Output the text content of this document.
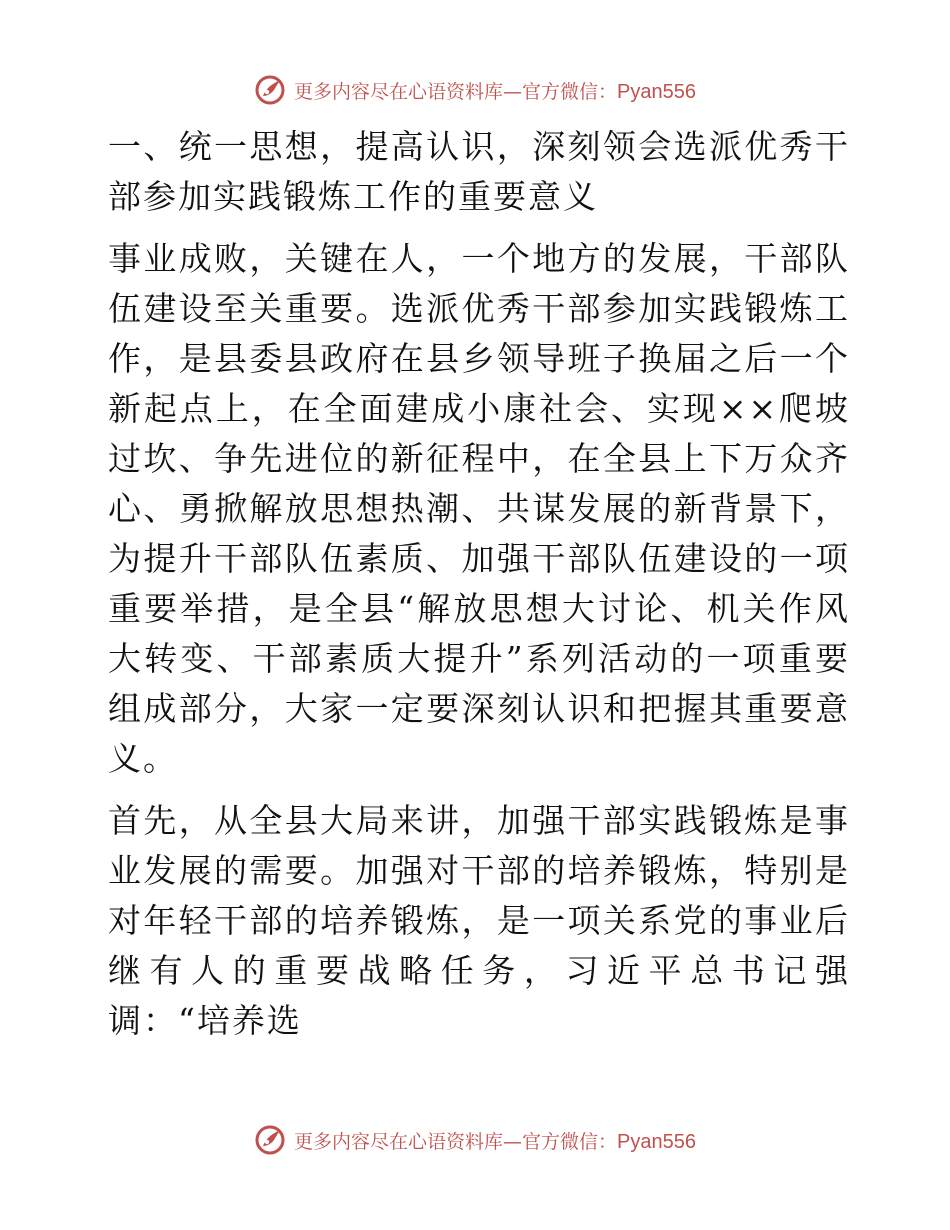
更多内容尽在心语资料库—官方微信：Pyan556

一、统一思想，提高认识，深刻领会选派优秀干部参加实践锻炼工作的重要意义

事业成败，关键在人，一个地方的发展，干部队伍建设至关重要。选派优秀干部参加实践锻炼工作，是县委县政府在县乡领导班子换届之后一个新起点上，在全面建成小康社会、实现××爬坡过坎、争先进位的新征程中，在全县上下万众齐心、勇掀解放思想热潮、共谋发展的新背景下，为提升干部队伍素质、加强干部队伍建设的一项重要举措，是全县“解放思想大讨论、机关作风大转变、干部素质大提升”系列活动的一项重要组成部分，大家一定要深刻认识和把握其重要意义。

首先，从全县大局来讲，加强干部实践锻炼是事业发展的需要。加强对干部的培养锻炼，特别是对年轻干部的培养锻炼，是一项关系党的事业后继有人的重要战略任务，习近平总书记强调：“培养选

更多内容尽在心语资料库—官方微信：Pyan556
